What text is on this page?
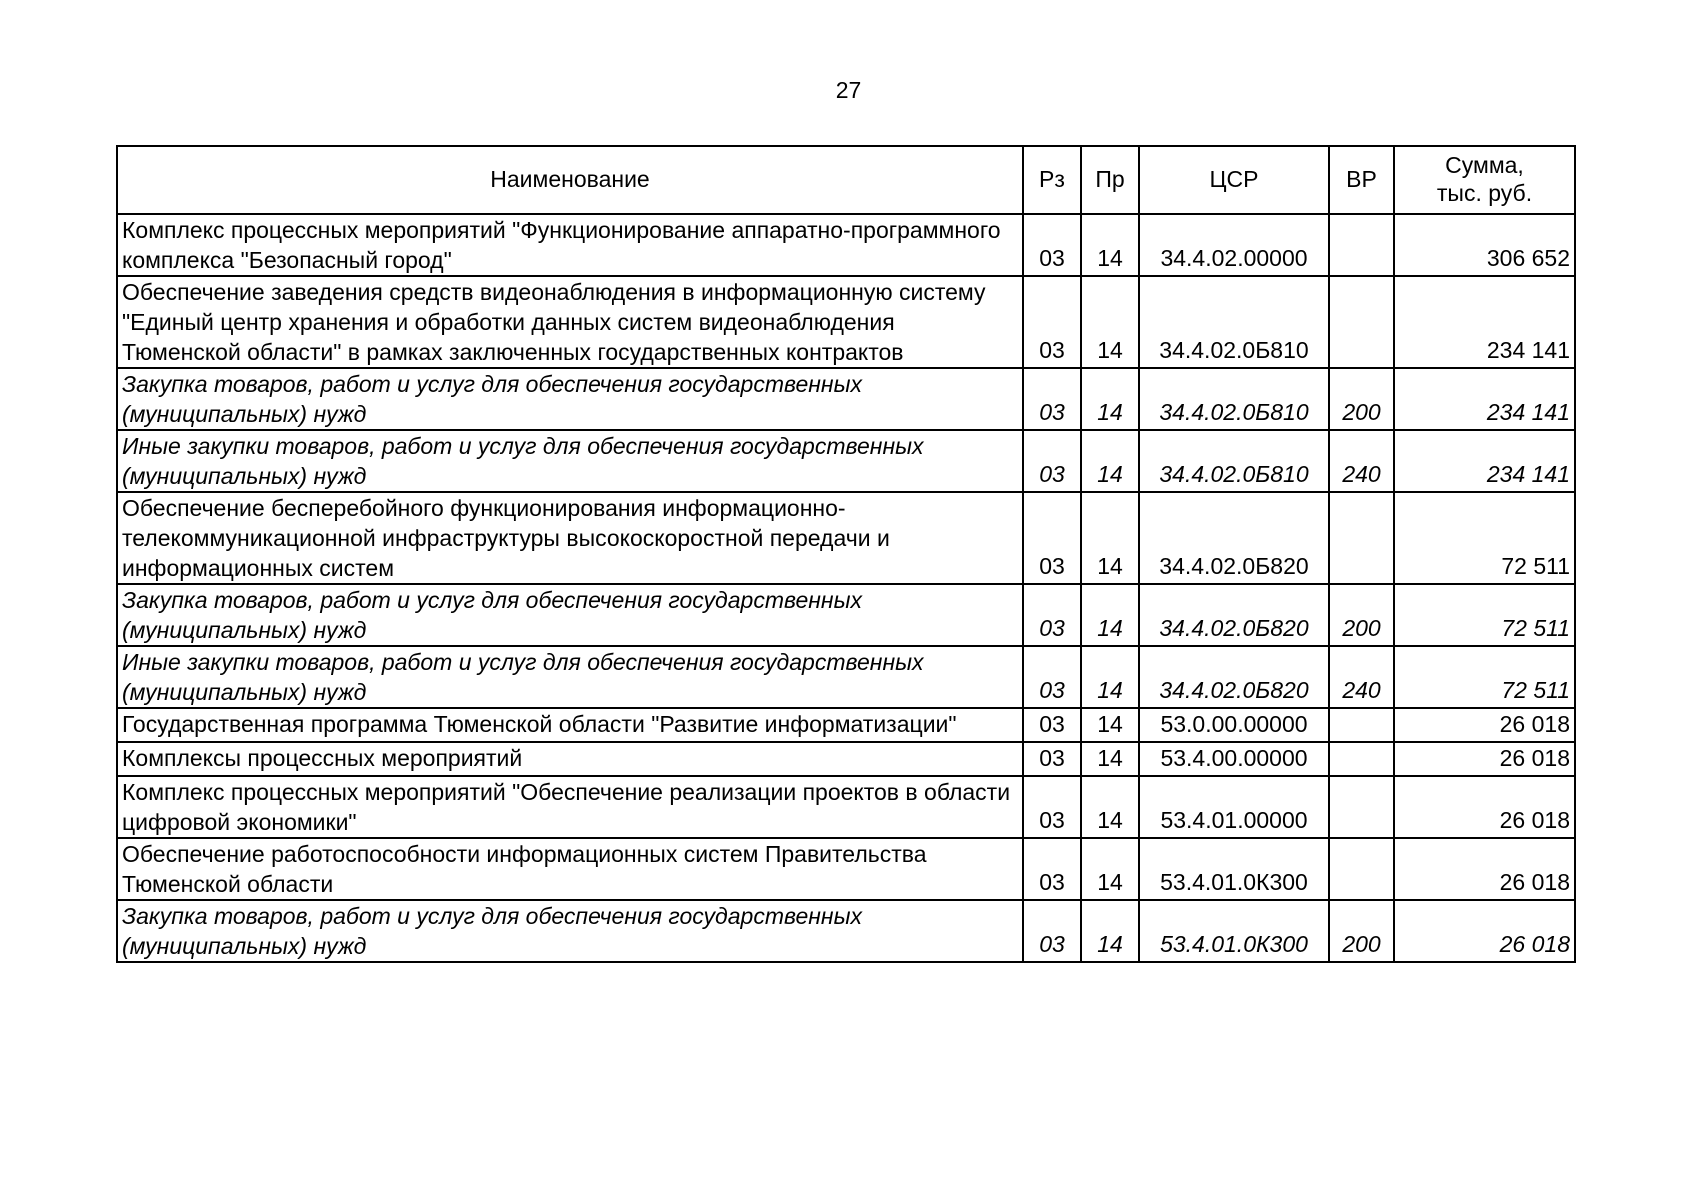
27
Наименование	Рз	Пр	ЦСР	ВР	Сумма,
тыс. руб.
Комплекс процессных мероприятий "Функционирование аппаратно-программного комплекса "Безопасный город"	03	14	34.4.02.00000		306 652
Обеспечение заведения средств видеонаблюдения в информационную систему "Единый центр хранения и обработки данных систем видеонаблюдения Тюменской области" в рамках заключенных государственных контрактов	03	14	34.4.02.0Б810		234 141
Закупка товаров, работ и услуг для обеспечения государственных (муниципальных) нужд	03	14	34.4.02.0Б810	200	234 141
Иные закупки товаров, работ и услуг для обеспечения государственных (муниципальных) нужд	03	14	34.4.02.0Б810	240	234 141
Обеспечение бесперебойного функционирования информационно-телекоммуникационной инфраструктуры высокоскоростной передачи и информационных систем	03	14	34.4.02.0Б820		72 511
Закупка товаров, работ и услуг для обеспечения государственных (муниципальных) нужд	03	14	34.4.02.0Б820	200	72 511
Иные закупки товаров, работ и услуг для обеспечения государственных (муниципальных) нужд	03	14	34.4.02.0Б820	240	72 511
Государственная программа Тюменской области "Развитие информатизации"	03	14	53.0.00.00000		26 018
Комплексы процессных мероприятий	03	14	53.4.00.00000		26 018
Комплекс процессных мероприятий "Обеспечение реализации проектов в области цифровой экономики"	03	14	53.4.01.00000		26 018
Обеспечение работоспособности информационных систем Правительства Тюменской области	03	14	53.4.01.0К300		26 018
Закупка товаров, работ и услуг для обеспечения государственных (муниципальных) нужд	03	14	53.4.01.0К300	200	26 018
